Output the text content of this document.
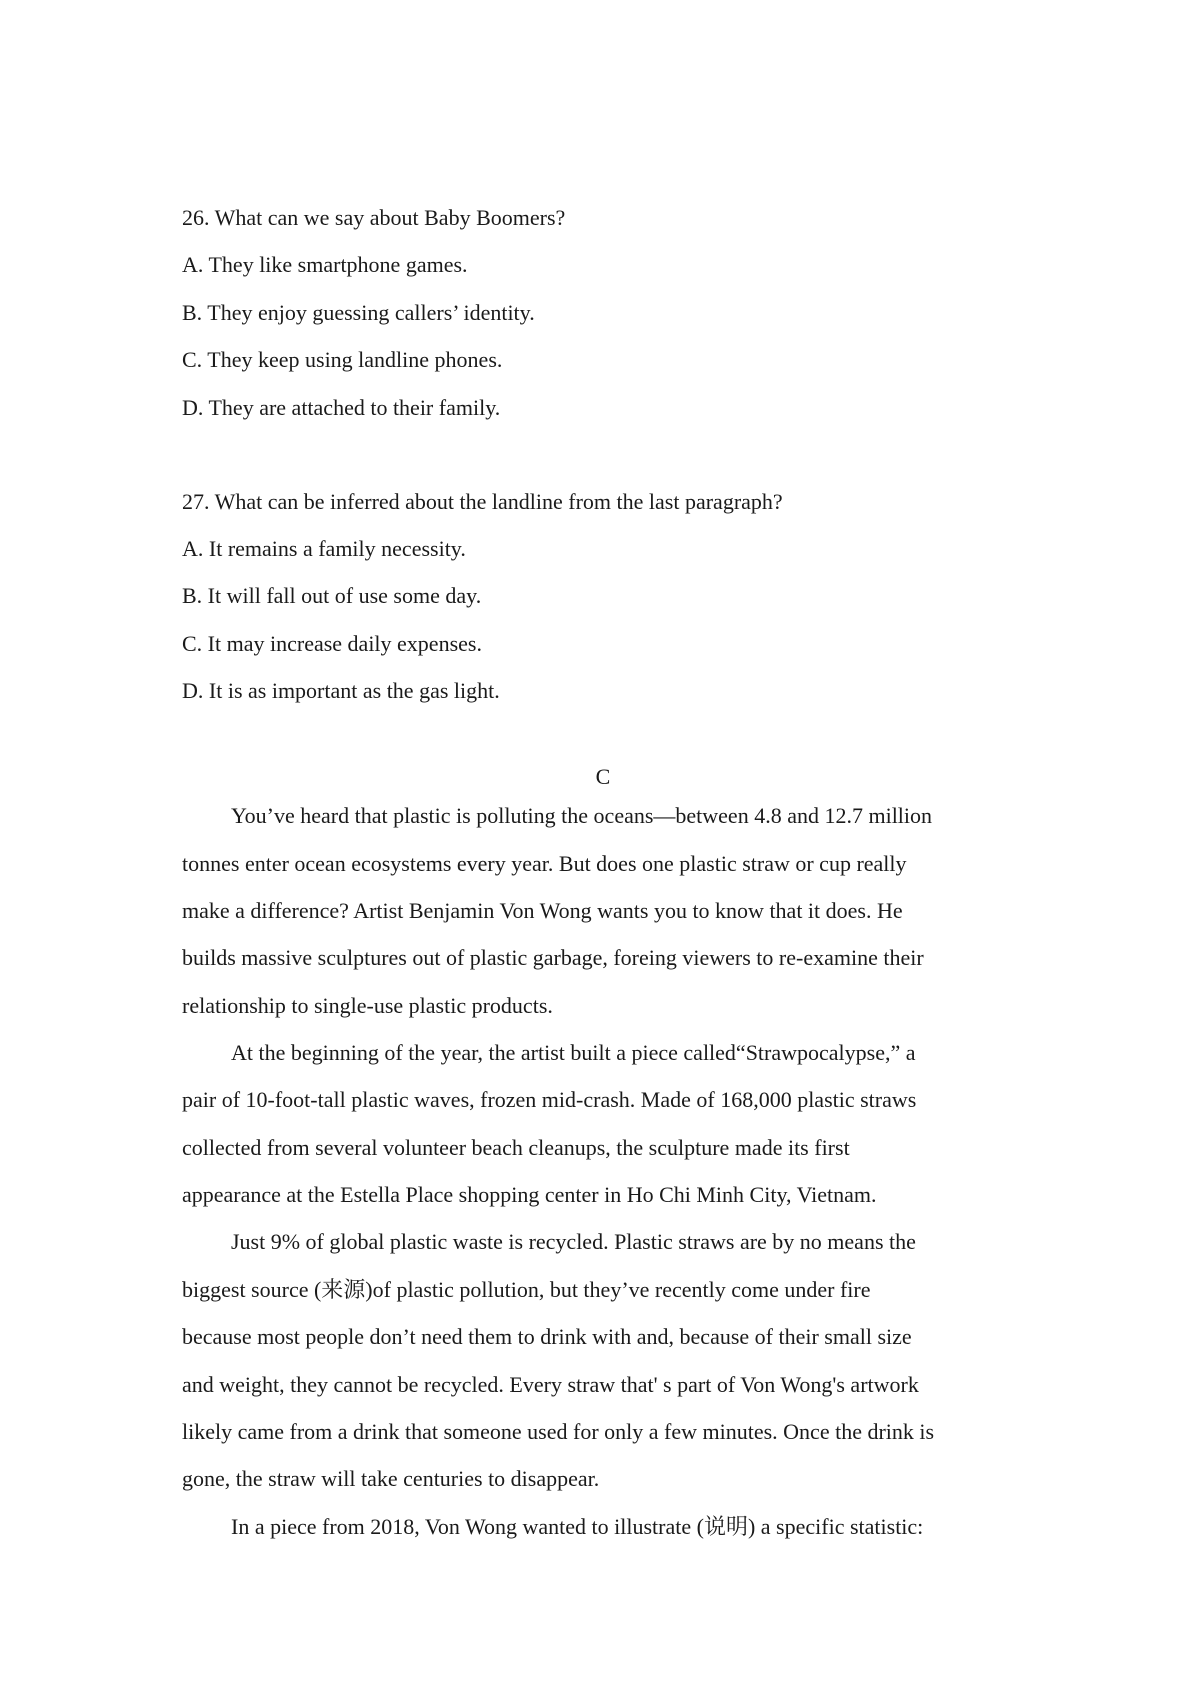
26. What can we say about Baby Boomers?

A. They like smartphone games.

B. They enjoy guessing callers’ identity.

C. They keep using landline phones.

D. They are attached to their family.

27. What can be inferred about the landline from the last paragraph?

A. It remains a family necessity.

B. It will fall out of use some day.

C. It may increase daily expenses.

D. It is as important as the gas light.

C

You’ve heard that plastic is polluting the oceans—between 4.8 and 12.7 million

tonnes enter ocean ecosystems every year. But does one plastic straw or cup really

make a difference? Artist Benjamin Von Wong wants you to know that it does. He

builds massive sculptures out of plastic garbage, foreing viewers to re-examine their

relationship to single-use plastic products.

At the beginning of the year, the artist built a piece called“Strawpocalypse,” a

pair of 10-foot-tall plastic waves, frozen mid-crash. Made of 168,000 plastic straws

collected from several volunteer beach cleanups, the sculpture made its first

appearance at the Estella Place shopping center in Ho Chi Minh City, Vietnam.

Just 9% of global plastic waste is recycled. Plastic straws are by no means the

biggest source (来源)of plastic pollution, but they’ve recently come under fire

because most people don’t need them to drink with and, because of their small size

and weight, they cannot be recycled. Every straw that' s part of Von Wong's artwork

likely came from a drink that someone used for only a few minutes. Once the drink is

gone, the straw will take centuries to disappear.

In a piece from 2018, Von Wong wanted to illustrate (说明) a specific statistic:
